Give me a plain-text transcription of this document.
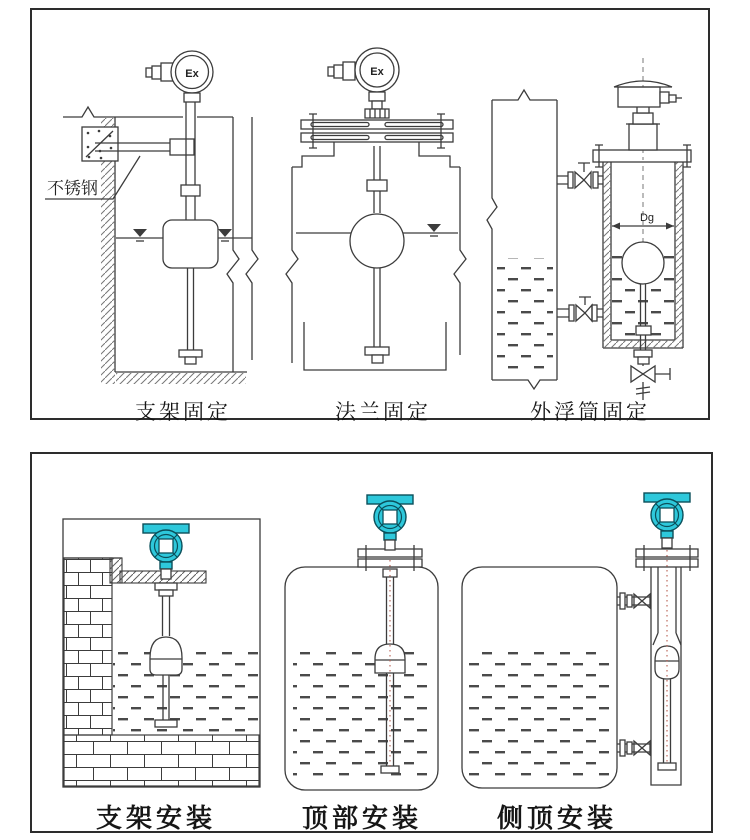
不锈钢
Ex	Ex
Dg
支架固定	法兰固定	外浮筒固定
支架安装	顶部安装	侧顶安装
